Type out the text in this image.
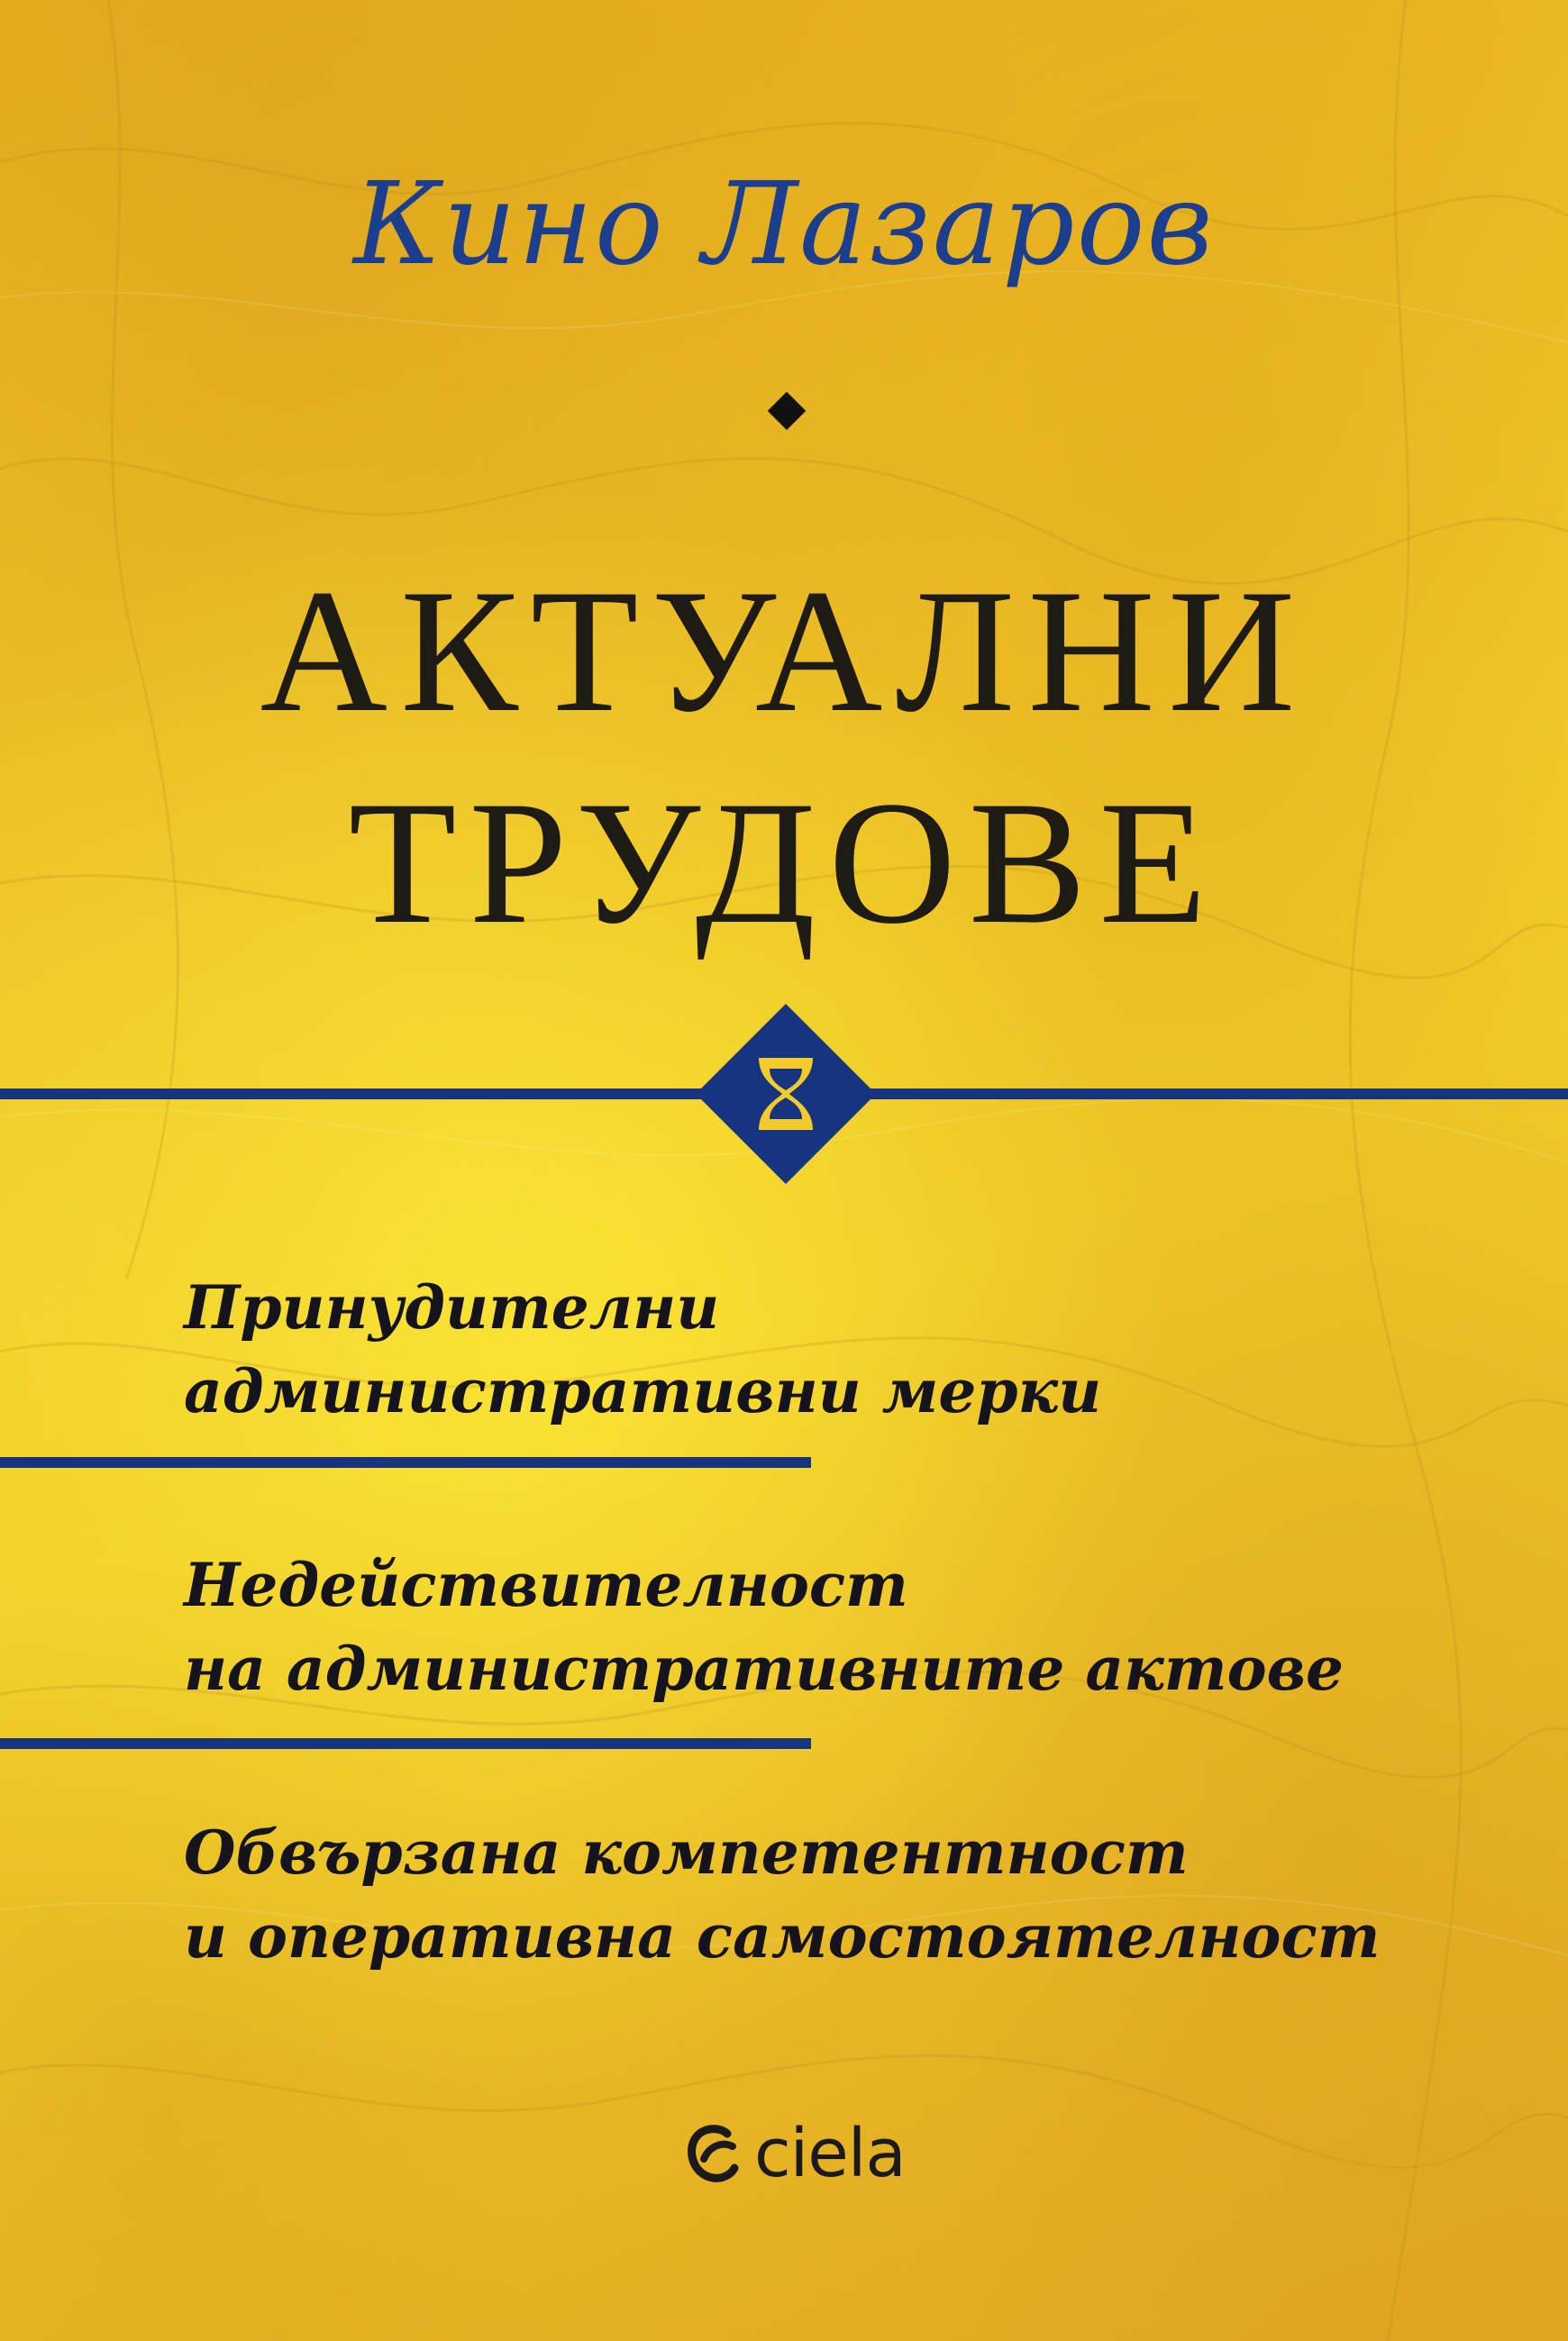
Кино Лазаров
АКТУАЛНИ
ТРУДОВЕ
Принудителни
административни мерки
Недействителност
на административните актове
Обвързана компетентност
и оперативна самостоятелност
ciela
